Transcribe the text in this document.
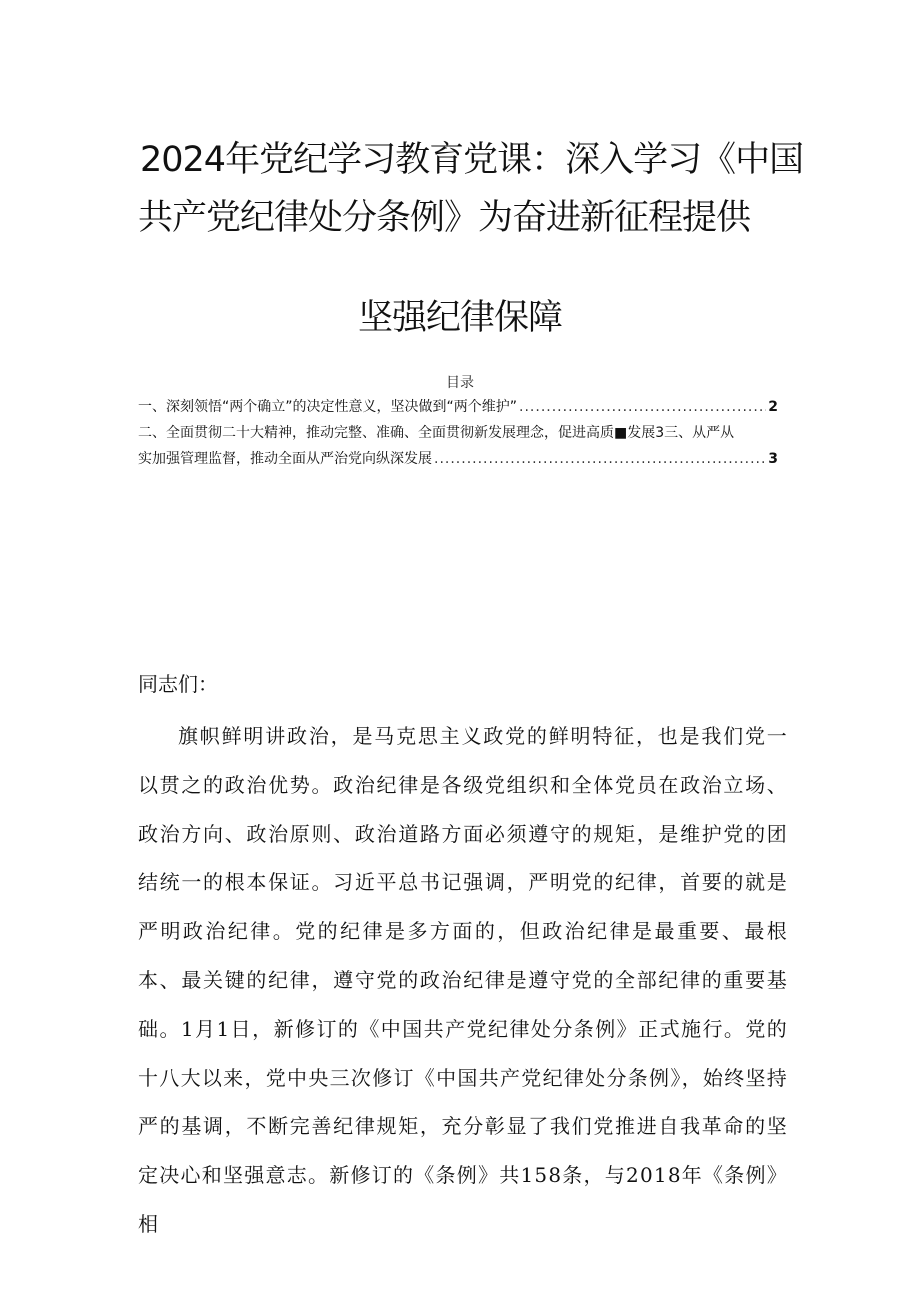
2024年党纪学习教育党课：深入学习《中国
共产党纪律处分条例》为奋进新征程提供
坚强纪律保障
目录
一、深刻领悟“两个确立”的决定性意义，坚决做到“两个维护” .....	2
二、全面贯彻二十大精神，推动完整、准确、全面贯彻新发展理念，促进高质■发展3三、从严从
实加强管理监督，推动全面从严治党向纵深发展 .....	3
同志们：
旗帜鲜明讲政治，是马克思主义政党的鲜明特征，也是我们党一以贯之的政治优势。政治纪律是各级党组织和全体党员在政治立场、政治方向、政治原则、政治道路方面必须遵守的规矩，是维护党的团结统一的根本保证。习近平总书记强调，严明党的纪律，首要的就是严明政治纪律。党的纪律是多方面的，但政治纪律是最重要、最根本、最关键的纪律，遵守党的政治纪律是遵守党的全部纪律的重要基础。1月1日，新修订的《中国共产党纪律处分条例》正式施行。党的十八大以来，党中央三次修订《中国共产党纪律处分条例》，始终坚持严的基调，不断完善纪律规矩，充分彰显了我们党推进自我革命的坚定决心和坚强意志。新修订的《条例》共158条，与2018年《条例》相
